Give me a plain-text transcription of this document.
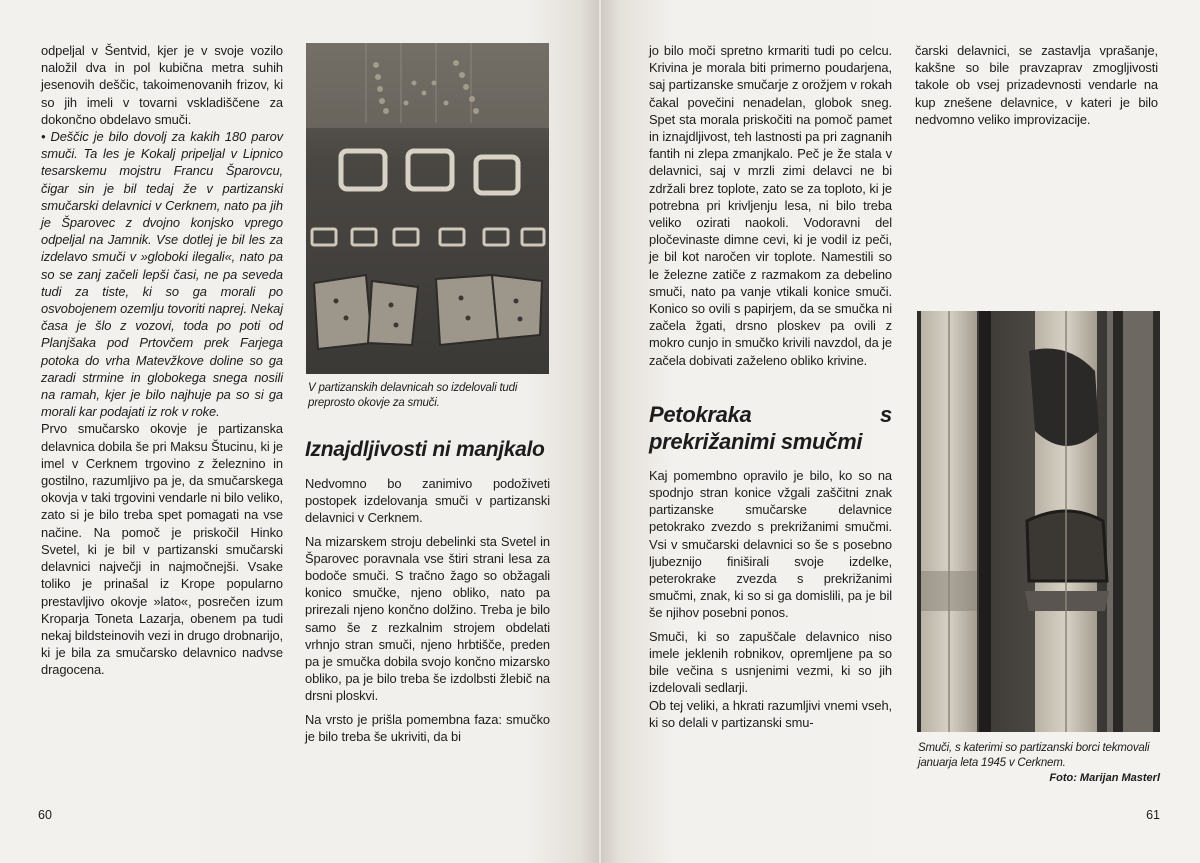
odpeljal v Šentvid, kjer je v svoje vozilo naložil dva in pol kubična metra suhih jesenovih deščic, takoimenovanih frizov, ki so jih imeli v tovarni vskladiščene za dokončno obdelavo smuči.

• Deščic je bilo dovolj za kakih 180 parov smuči. Ta les je Kokalj pripeljal v Lipnico tesarskemu mojstru Francu Šparovcu, čigar sin je bil tedaj že v partizanski smučarski delavnici v Cerknem, nato pa jih je Šparovec z dvojno konjsko vprego odpeljal na Jamnik. Vse dotlej je bil les za izdelavo smuči v »globoki ilegali«, nato pa so se zanj začeli lepši časi, ne pa seveda tudi za tiste, ki so ga morali po osvobojenem ozemlju tovoriti naprej. Nekaj časa je šlo z vozovi, toda po poti od Planjšaka pod Prtovčem prek Farjega potoka do vrha Matevžkove doline so ga zaradi strmine in globokega snega nosili na ramah, kjer je bilo najhuje pa so si ga morali kar podajati iz rok v roke.

Prvo smučarsko okovje je partizanska delavnica dobila še pri Maksu Štucinu, ki je imel v Cerknem trgovino z železnino in gostilno, razumljivo pa je, da smučarskega okovja v taki trgovini vendarle ni bilo veliko, zato si je bilo treba spet pomagati na vse načine. Na pomoč je priskočil Hinko Svetel, ki je bil v partizanski smučarski delavnici največji in najmočnejši. Vsake toliko je prinašal iz Krope popularno prestavljivo okovje »lato«, posrečen izum Kroparja Toneta Lazarja, obenem pa tudi nekaj bildsteinovih vezi in drugo drobnarijo, ki je bila za smučarsko delavnico nadvse dragocena.

V partizanskih delavnicah so izdelovali tudi preprosto okovje za smuči.
Iznajdljivosti ni manjkalo

Nedvomno bo zanimivo podoživeti postopek izdelovanja smuči v partizanski delavnici v Cerknem.

Na mizarskem stroju debelinki sta Svetel in Šparovec poravnala vse štiri strani lesa za bodoče smuči. S tračno žago so obžagali konico smučke, njeno obliko, nato pa prirezali njeno končno dolžino. Treba je bilo samo še z rezkalnim strojem obdelati vrhnjo stran smuči, njeno hrbtišče, preden pa je smučka dobila svojo končno mizarsko obliko, pa je bilo treba še izdolbsti žlebič na drsni ploskvi.

Na vrsto je prišla pomembna faza: smučko je bilo treba še ukriviti, da bi

60

jo bilo moči spretno krmariti tudi po celcu. Krivina je morala biti primerno poudarjena, saj partizanske smučarje z orožjem v rokah čakal povečini nenadelan, globok sneg. Spet sta morala priskočiti na pomoč pamet in iznajdljivost, teh lastnosti pa pri zagnanih fantih ni zlepa zmanjkalo. Peč je že stala v delavnici, saj v mrzli zimi delavci ne bi zdržali brez toplote, zato se za toploto, ki je potrebna pri krivljenju lesa, ni bilo treba veliko ozirati naokoli. Vodoravni del pločevinaste dimne cevi, ki je vodil iz peči, je bil kot naročen vir toplote. Namestili so le železne zatiče z razmakom za debelino smuči, nato pa vanje vtikali konice smuči. Konico so ovili s papirjem, da se smučka ni začela žgati, drsno ploskev pa ovili z mokro cunjo in smučko krivili navzdol, da je začela dobivati zaželeno obliko krivine.

Petokraka s prekrižanimi smučmi

Kaj pomembno opravilo je bilo, ko so na spodnjo stran konice vžgali zaščitni znak partizanske smučarske delavnice petokrako zvezdo s prekrižanimi smučmi. Vsi v smučarski delavnici so še s posebno ljubeznijo finiširali svoje izdelke, peterokrake zvezda s prekrižanimi smučmi, znak, ki so si ga domislili, pa je bil še njihov posebni ponos.

Smuči, ki so zapuščale delavnico niso imele jeklenih robnikov, opremljene pa so bile večina s usnjenimi vezmi, ki so jih izdelovali sedlarji.

Ob tej veliki, a hkrati razumljivi vnemi vseh, ki so delali v partizanski smu-

čarski delavnici, se zastavlja vprašanje, kakšne so bile pravzaprav zmogljivosti takole ob vsej prizadevnosti vendarle na kup znešene delavnice, v kateri je bilo nedvomno veliko improvizacije.

Smuči, s katerimi so partizanski borci tekmovali januarja leta 1945 v Cerknem.
Foto: Marijan Masterl
61
